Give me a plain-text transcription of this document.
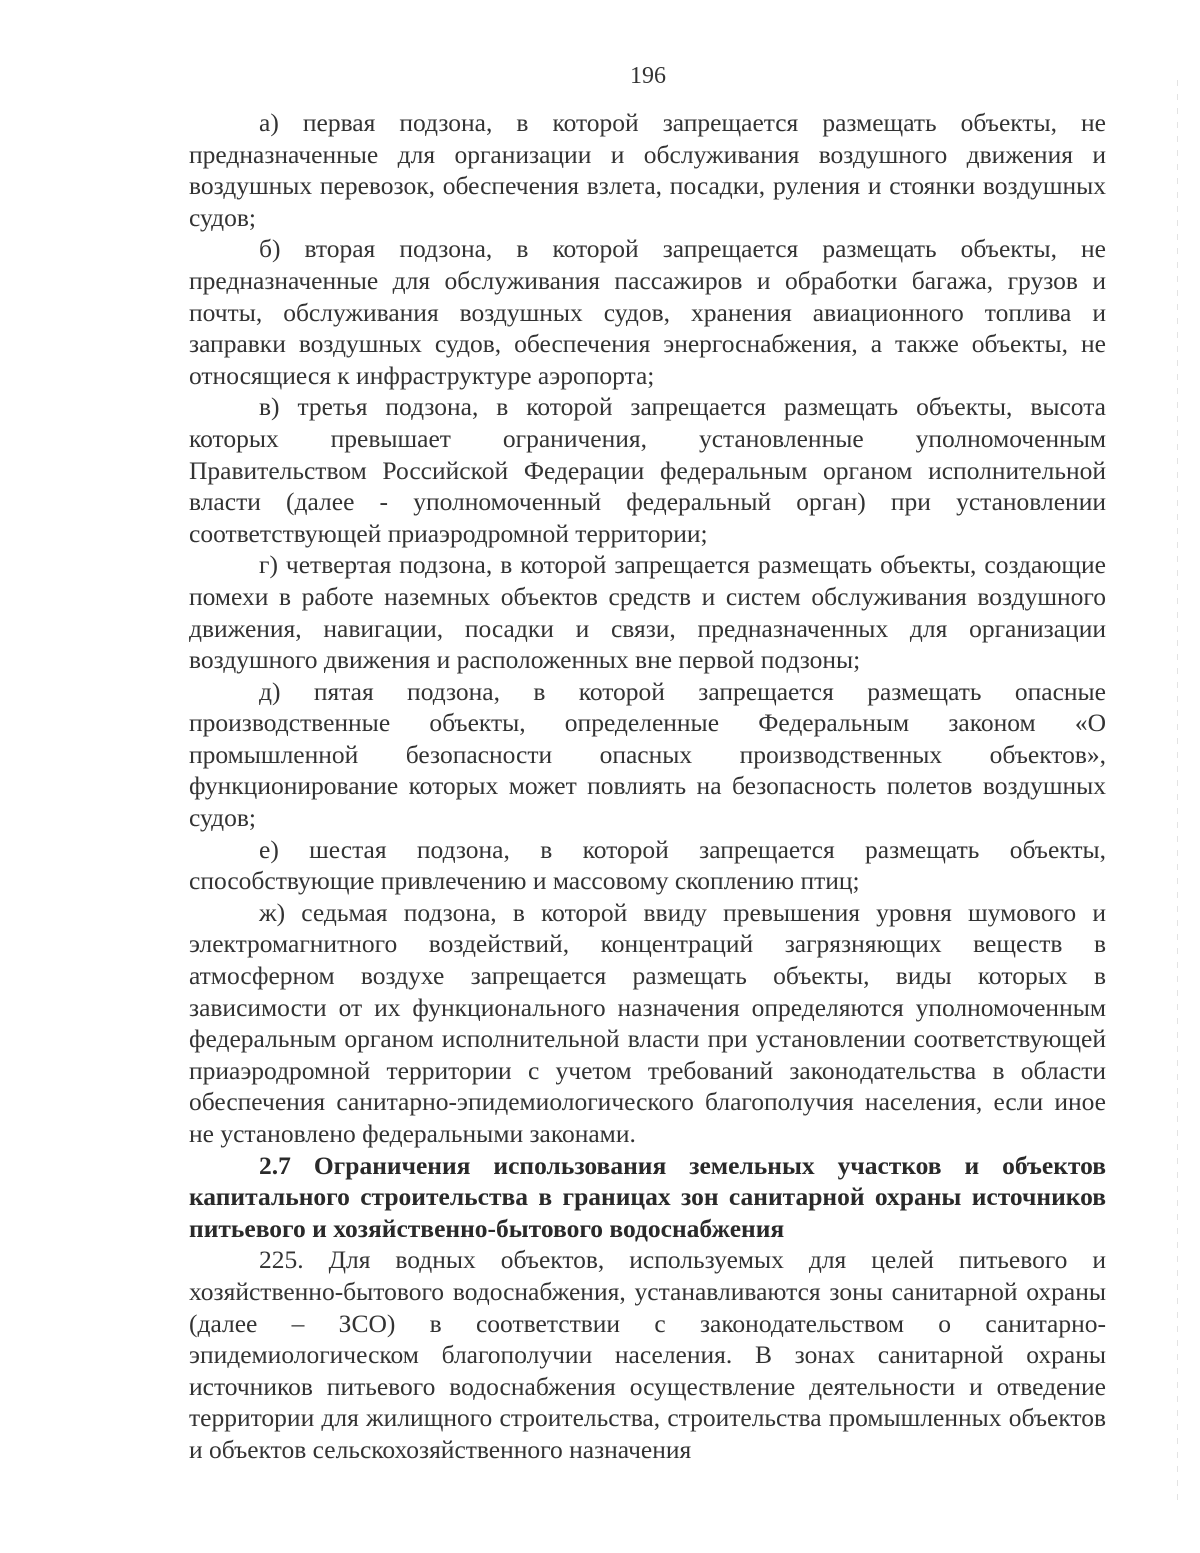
196

а) первая подзона, в которой запрещается размещать объекты, не предназначенные для организации и обслуживания воздушного движения и воздушных перевозок, обеспечения взлета, посадки, руления и стоянки воздушных судов;

б) вторая подзона, в которой запрещается размещать объекты, не предназначенные для обслуживания пассажиров и обработки багажа, грузов и почты, обслуживания воздушных судов, хранения авиационного топлива и заправки воздушных судов, обеспечения энергоснабжения, а также объекты, не относящиеся к инфраструктуре аэропорта;

в) третья подзона, в которой запрещается размещать объекты, высота которых превышает ограничения, установленные уполномоченным Правительством Российской Федерации федеральным органом исполнительной власти (далее - уполномоченный федеральный орган) при установлении соответствующей приаэродромной территории;

г) четвертая подзона, в которой запрещается размещать объекты, создающие помехи в работе наземных объектов средств и систем обслуживания воздушного движения, навигации, посадки и связи, предназначенных для организации воздушного движения и расположенных вне первой подзоны;

д) пятая подзона, в которой запрещается размещать опасные производственные объекты, определенные Федеральным законом «О промышленной безопасности опасных производственных объектов», функционирование которых может повлиять на безопасность полетов воздушных судов;

е) шестая подзона, в которой запрещается размещать объекты, способствующие привлечению и массовому скоплению птиц;

ж) седьмая подзона, в которой ввиду превышения уровня шумового и электромагнитного воздействий, концентраций загрязняющих веществ в атмосферном воздухе запрещается размещать объекты, виды которых в зависимости от их функционального назначения определяются уполномоченным федеральным органом исполнительной власти при установлении соответствующей приаэродромной территории с учетом требований законодательства в области обеспечения санитарно-эпидемиологического благополучия населения, если иное не установлено федеральными законами.

2.7 Ограничения использования земельных участков и объектов капитального строительства в границах зон санитарной охраны источников питьевого и хозяйственно-бытового водоснабжения

225. Для водных объектов, используемых для целей питьевого и хозяйственно-бытового водоснабжения, устанавливаются зоны санитарной охраны (далее – ЗСО) в соответствии с законодательством о санитарно-эпидемиологическом благополучии населения. В зонах санитарной охраны источников питьевого водоснабжения осуществление деятельности и отведение территории для жилищного строительства, строительства промышленных объектов и объектов сельскохозяйственного назначения
